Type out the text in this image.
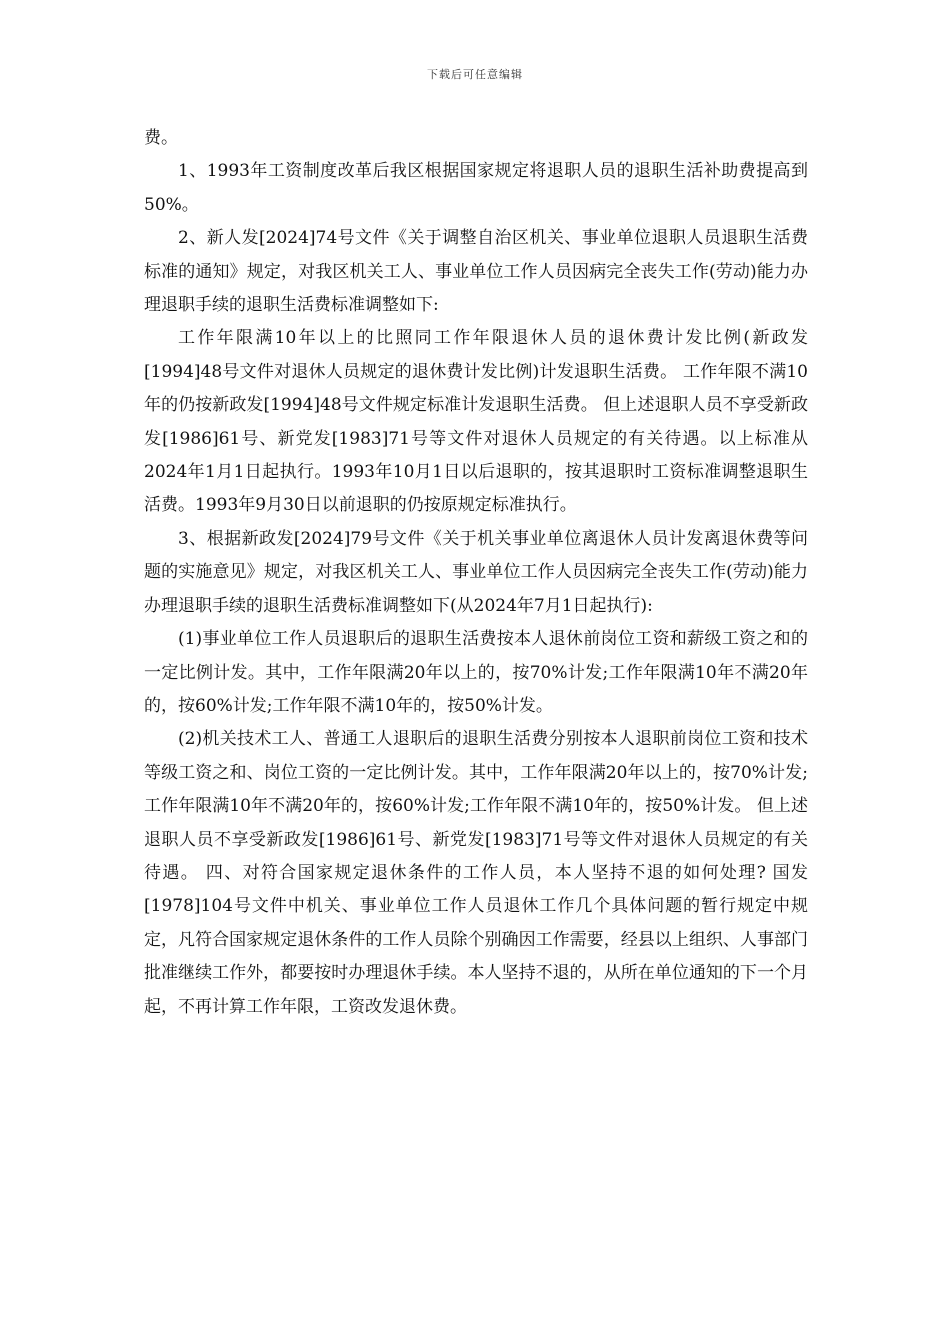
下载后可任意编辑

费。

1、1993年工资制度改革后我区根据国家规定将退职人员的退职生活补助费提高到50%。

2、新人发[2024]74号文件《关于调整自治区机关、事业单位退职人员退职生活费标准的通知》规定，对我区机关工人、事业单位工作人员因病完全丧失工作(劳动)能力办理退职手续的退职生活费标准调整如下:

工作年限满10年以上的比照同工作年限退休人员的退休费计发比例(新政发[1994]48号文件对退休人员规定的退休费计发比例)计发退职生活费。 工作年限不满10年的仍按新政发[1994]48号文件规定标准计发退职生活费。 但上述退职人员不享受新政发[1986]61号、新党发[1983]71号等文件对退休人员规定的有关待遇。以上标准从2024年1月1日起执行。1993年10月1日以后退职的，按其退职时工资标准调整退职生活费。1993年9月30日以前退职的仍按原规定标准执行。

3、根据新政发[2024]79号文件《关于机关事业单位离退休人员计发离退休费等问题的实施意见》规定，对我区机关工人、事业单位工作人员因病完全丧失工作(劳动)能力办理退职手续的退职生活费标准调整如下(从2024年7月1日起执行):

(1)事业单位工作人员退职后的退职生活费按本人退休前岗位工资和薪级工资之和的一定比例计发。其中，工作年限满20年以上的，按70%计发;工作年限满10年不满20年的，按60%计发;工作年限不满10年的，按50%计发。

(2)机关技术工人、普通工人退职后的退职生活费分别按本人退职前岗位工资和技术等级工资之和、岗位工资的一定比例计发。其中，工作年限满20年以上的，按70%计发;工作年限满10年不满20年的，按60%计发;工作年限不满10年的，按50%计发。 但上述退职人员不享受新政发[1986]61号、新党发[1983]71号等文件对退休人员规定的有关待遇。 四、对符合国家规定退休条件的工作人员，本人坚持不退的如何处理? 国发[1978]104号文件中机关、事业单位工作人员退休工作几个具体问题的暂行规定中规定，凡符合国家规定退休条件的工作人员除个别确因工作需要，经县以上组织、人事部门批准继续工作外，都要按时办理退休手续。本人坚持不退的，从所在单位通知的下一个月起，不再计算工作年限，工资改发退休费。
